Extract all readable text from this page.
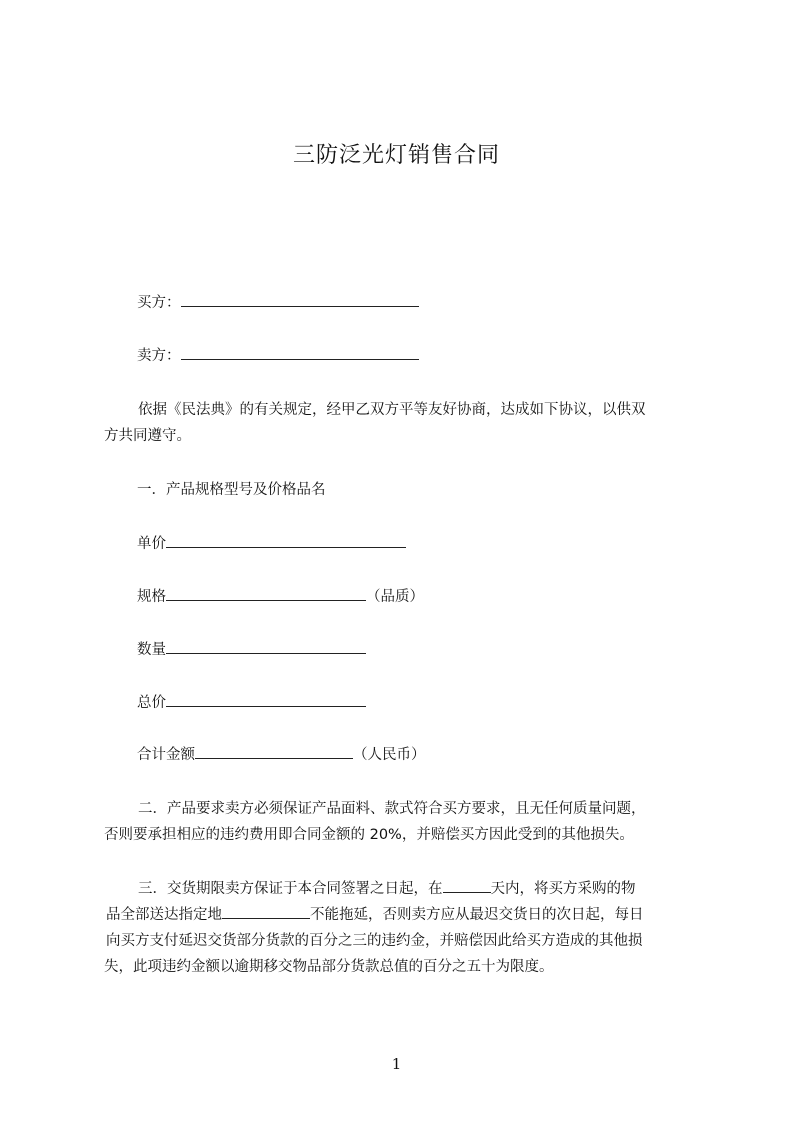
三防泛光灯销售合同
买方：
卖方：
依据《民法典》的有关规定，经甲乙双方平等友好协商，达成如下协议，以供双
方共同遵守。
一．产品规格型号及价格品名
单价
规格	（品质）
数量
总价
合计金额	（人民币）
二．产品要求卖方必须保证产品面料、款式符合买方要求，且无任何质量问题，
否则要承担相应的违约费用即合同金额的 20%，并赔偿买方因此受到的其他损失。
三．交货期限卖方保证于本合同签署之日起，在	天内，将买方采购的物
品全部送达指定地	不能拖延，否则卖方应从最迟交货日的次日起，每日
向买方支付延迟交货部分货款的百分之三的违约金，并赔偿因此给买方造成的其他损
失，此项违约金额以逾期移交物品部分货款总值的百分之五十为限度。
1
